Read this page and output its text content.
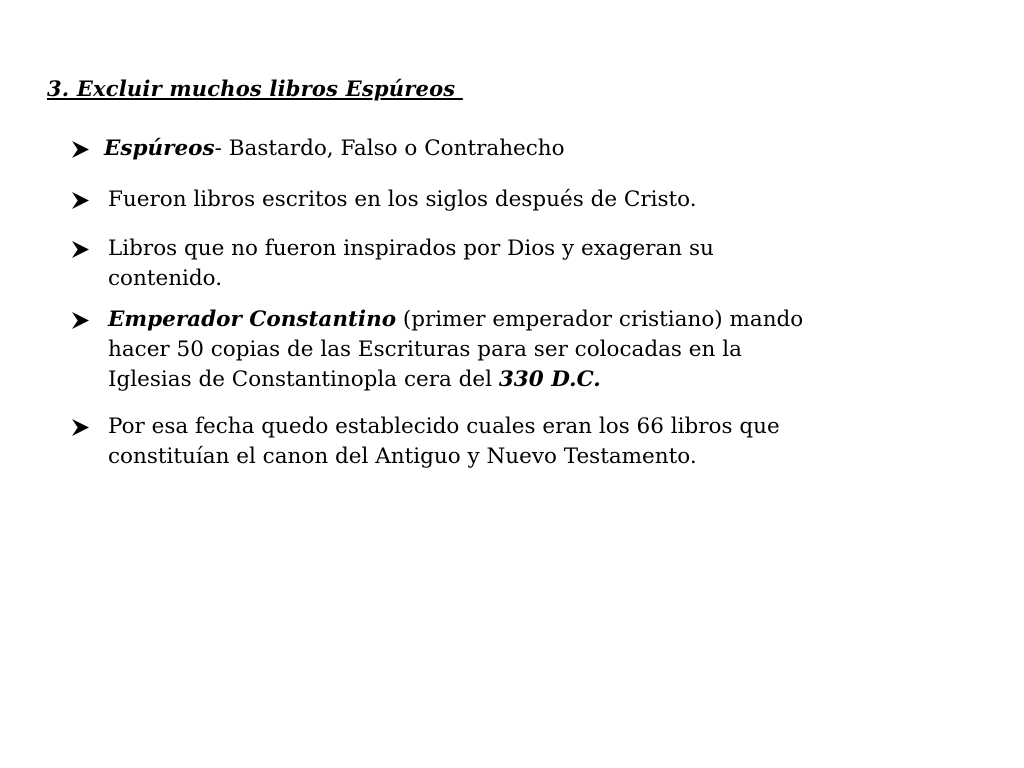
3. Excluir muchos libros Espúreos
Espúreos- Bastardo, Falso o Contrahecho
Fueron libros escritos en los siglos después de Cristo.
Libros que no fueron inspirados por Dios y exageran su
contenido.
Emperador Constantino (primer emperador cristiano) mando
hacer 50 copias de las Escrituras para ser colocadas en la
Iglesias de Constantinopla cera del 330 D.C.
Por esa fecha quedo establecido cuales eran los 66 libros que
constituían el canon del Antiguo y Nuevo Testamento.
